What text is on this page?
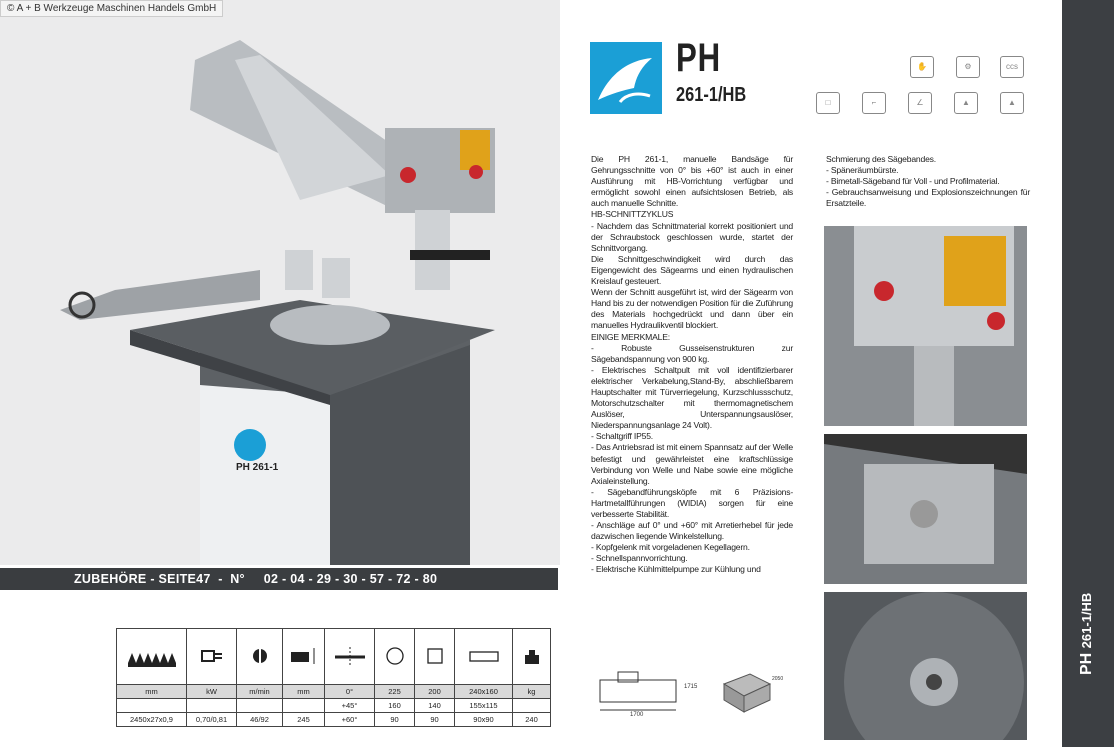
PH 261-1
© A + B Werkzeuge Maschinen Handels GmbH
ZUBEHÖRE - SEITE47  -  N°     02 - 04 - 29 - 30 - 57 - 72 - 80

mm	kW	m/min	mm	0°	225	200	240x160	kg
				+45°	160	140	155x115	
2450x27x0,9	0,70/0,81	46/92	245	+60°	90	90	90x90	240
PH
261-1/HB
✋	⚙	ccs
□	⌐	∠	▲	▲

Die PH 261-1, manuelle Bandsäge für Gehrungsschnitte von 0° bis +60° ist auch in einer Ausführung mit HB-Vorrichtung verfügbar und ermöglicht sowohl einen aufsichtslosen Betrieb, als auch manuelle Schnitte.

HB-SCHNITTZYKLUS

- Nachdem das Schnittmaterial korrekt positioniert und der Schraubstock geschlossen wurde, startet der Schnittvorgang.

Die Schnittgeschwindigkeit wird durch das Eigengewicht des Sägearms und einen hydraulischen Kreislauf gesteuert.

Wenn der Schnitt ausgeführt ist, wird der Sägearm von Hand bis zu der notwendigen Position für die Zuführung des Materials hochgedrückt und dann über ein manuelles Hydraulikventil blockiert.

EINIGE MERKMALE:

- Robuste Gusseisenstrukturen zur Sägebandspannung von 900 kg.

- Elektrisches Schaltpult mit voll identifizierbarer elektrischer Verkabelung,Stand-By, abschließbarem Hauptschalter mit Türverriegelung, Kurzschlussschutz, Motorschutzschalter mit thermomagnetischem Auslöser, Unterspannungsauslöser, Niederspannungsanlage 24 Volt).

- Schaltgriff IP55.

- Das Antriebsrad ist mit einem Spannsatz auf der Welle befestigt und gewährleistet eine kraftschlüssige Verbindung von Welle und Nabe sowie eine mögliche Axialeinstellung.

- Sägebandführungsköpfe mit 6 Präzisions-Hartmetallführungen (WIDIA) sorgen für eine verbesserte Stabilität.

- Anschläge auf 0° und +60° mit Arretierhebel für jede dazwischen liegende Winkelstellung.

- Kopfgelenk mit vorgeladenen Kegellagern.

- Schnellspannvorrichtung.

- Elektrische Kühlmittelpumpe zur Kühlung und

Schmierung des Sägebandes.

- Späneräumbürste.

- Bimetall-Sägeband für Voll - und Profilmaterial.

- Gebrauchsanweisung und Explosionszeichnungen für Ersatzteile.

1700
1715
2050
PH 261-1/HB
